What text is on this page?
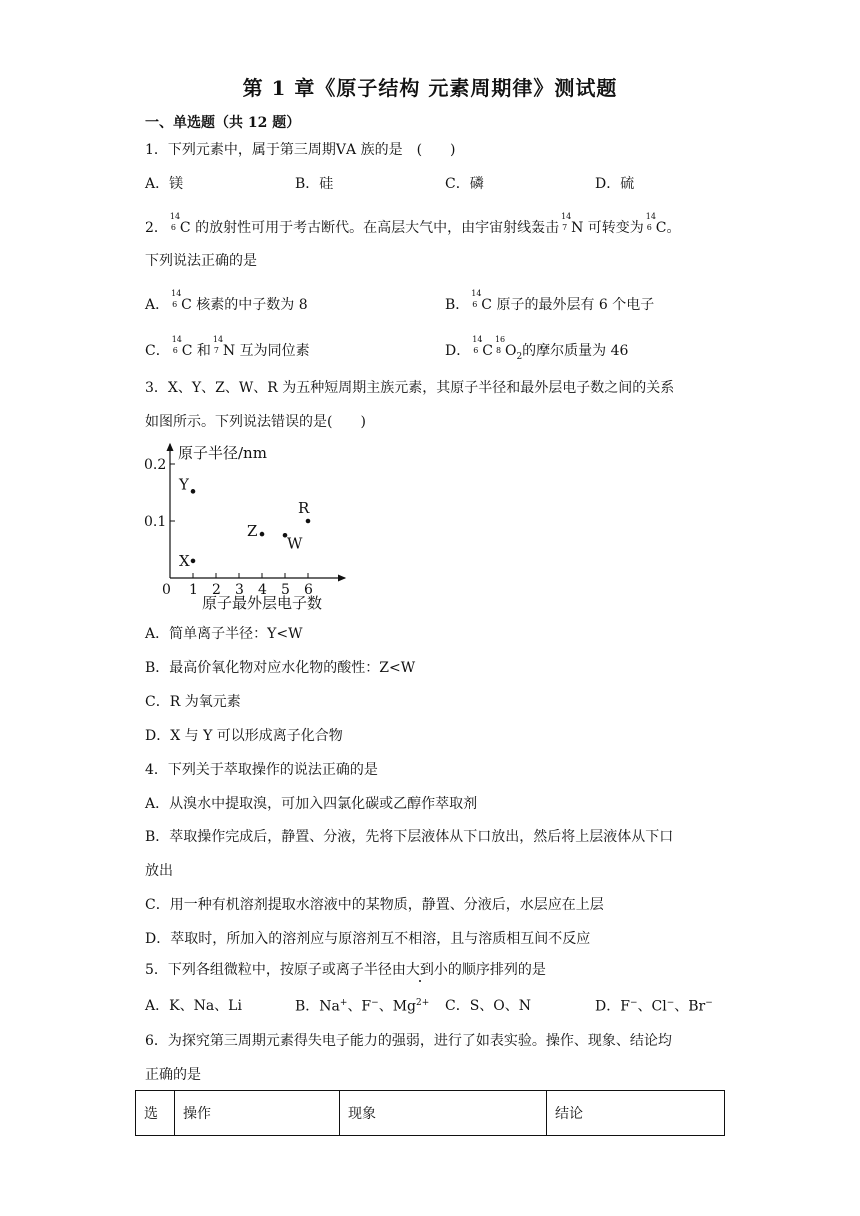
第 1 章《原子结构 元素周期律》测试题
一、单选题（共 12 题）
1．下列元素中，属于第三周期ⅤA 族的是　(　　)
A．镁	B．硅	C．磷	D．硫
2．
14
6 C 的放射性可用于考古断代。在高层大气中，由宇宙射线轰击
14
7 N 可转变为
14
6 C。
下列说法正确的是
A．
14
6 C 核素的中子数为 8	B．
14
6 C 原子的最外层有 6 个电子
C．
14
6 C 和
14
7 N 互为同位素	D．
14
6 C
16
8 $O_2$的摩尔质量为 46
3．X、Y、Z、W、R 为五种短周期主族元素，其原子半径和最外层电子数之间的关系
如图所示。下列说法错误的是(　　)
原子半径/nm
原子最外层电子数
0 1 2 3 4 5 6
0.1
0.2
Y
X
Z
W
R
A．简单离子半径：Y<W
B．最高价氧化物对应水化物的酸性：Z<W
C．R 为氧元素
D．X 与 Y 可以形成离子化合物
4．下列关于萃取操作的说法正确的是
A．从溴水中提取溴，可加入四氯化碳或乙醇作萃取剂
B．萃取操作完成后，静置、分液，先将下层液体从下口放出，然后将上层液体从下口
放出
C．用一种有机溶剂提取水溶液中的某物质，静置、分液后，水层应在上层
D．萃取时，所加入的溶剂应与原溶剂互不相溶，且与溶质相互间不反应
5．下列各组微粒中，按原子或离子半径由大到小的顺序排列的是
A．K、Na、Li	B．Na+、F−、$Mg^{2+}$ C．S、O、N	D．F−、Cl−、Br−
6．为探究第三周期元素得失电子能力的强弱，进行了如表实验。操作、现象、结论均
正确的是
选	操作	现象	结论
